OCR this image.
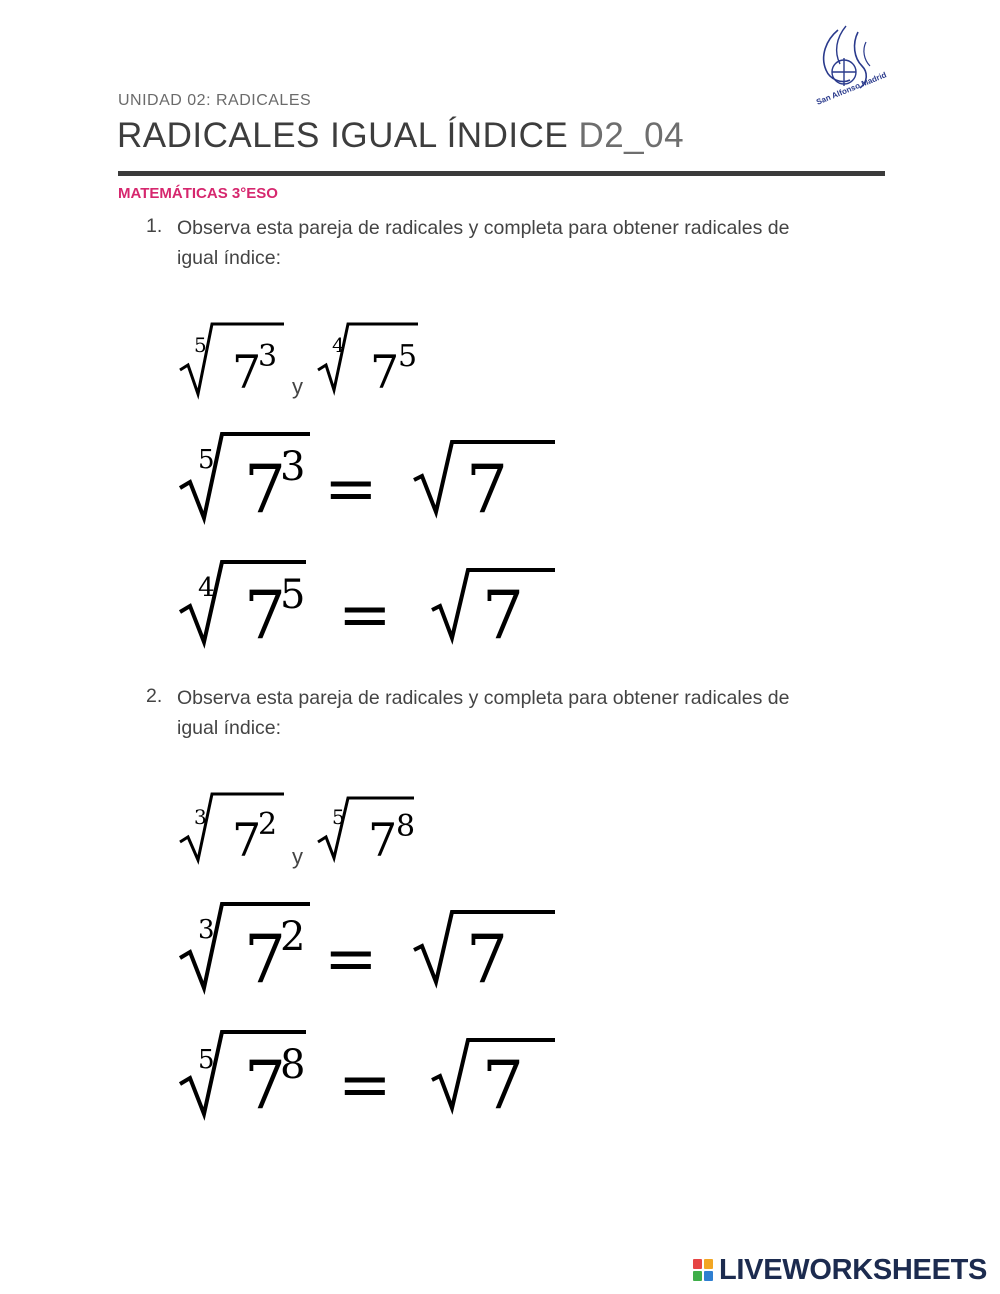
San Alfonso Madrid
UNIDAD 02: RADICALES
RADICALES IGUAL ÍNDICE D2_04
MATEMÁTICAS 3°ESO
1. Observa esta pareja de radicales y completa para obtener radicales de igual índice:
5 7
3
y
4 7
5
5 7
3 = 7
4 7
5 = 7
2. Observa esta pareja de radicales y completa para obtener radicales de igual índice:
3 7
2
y
5 7
8
3 7
2 = 7
5 7
8 = 7
LIVEWORKSHEETS
